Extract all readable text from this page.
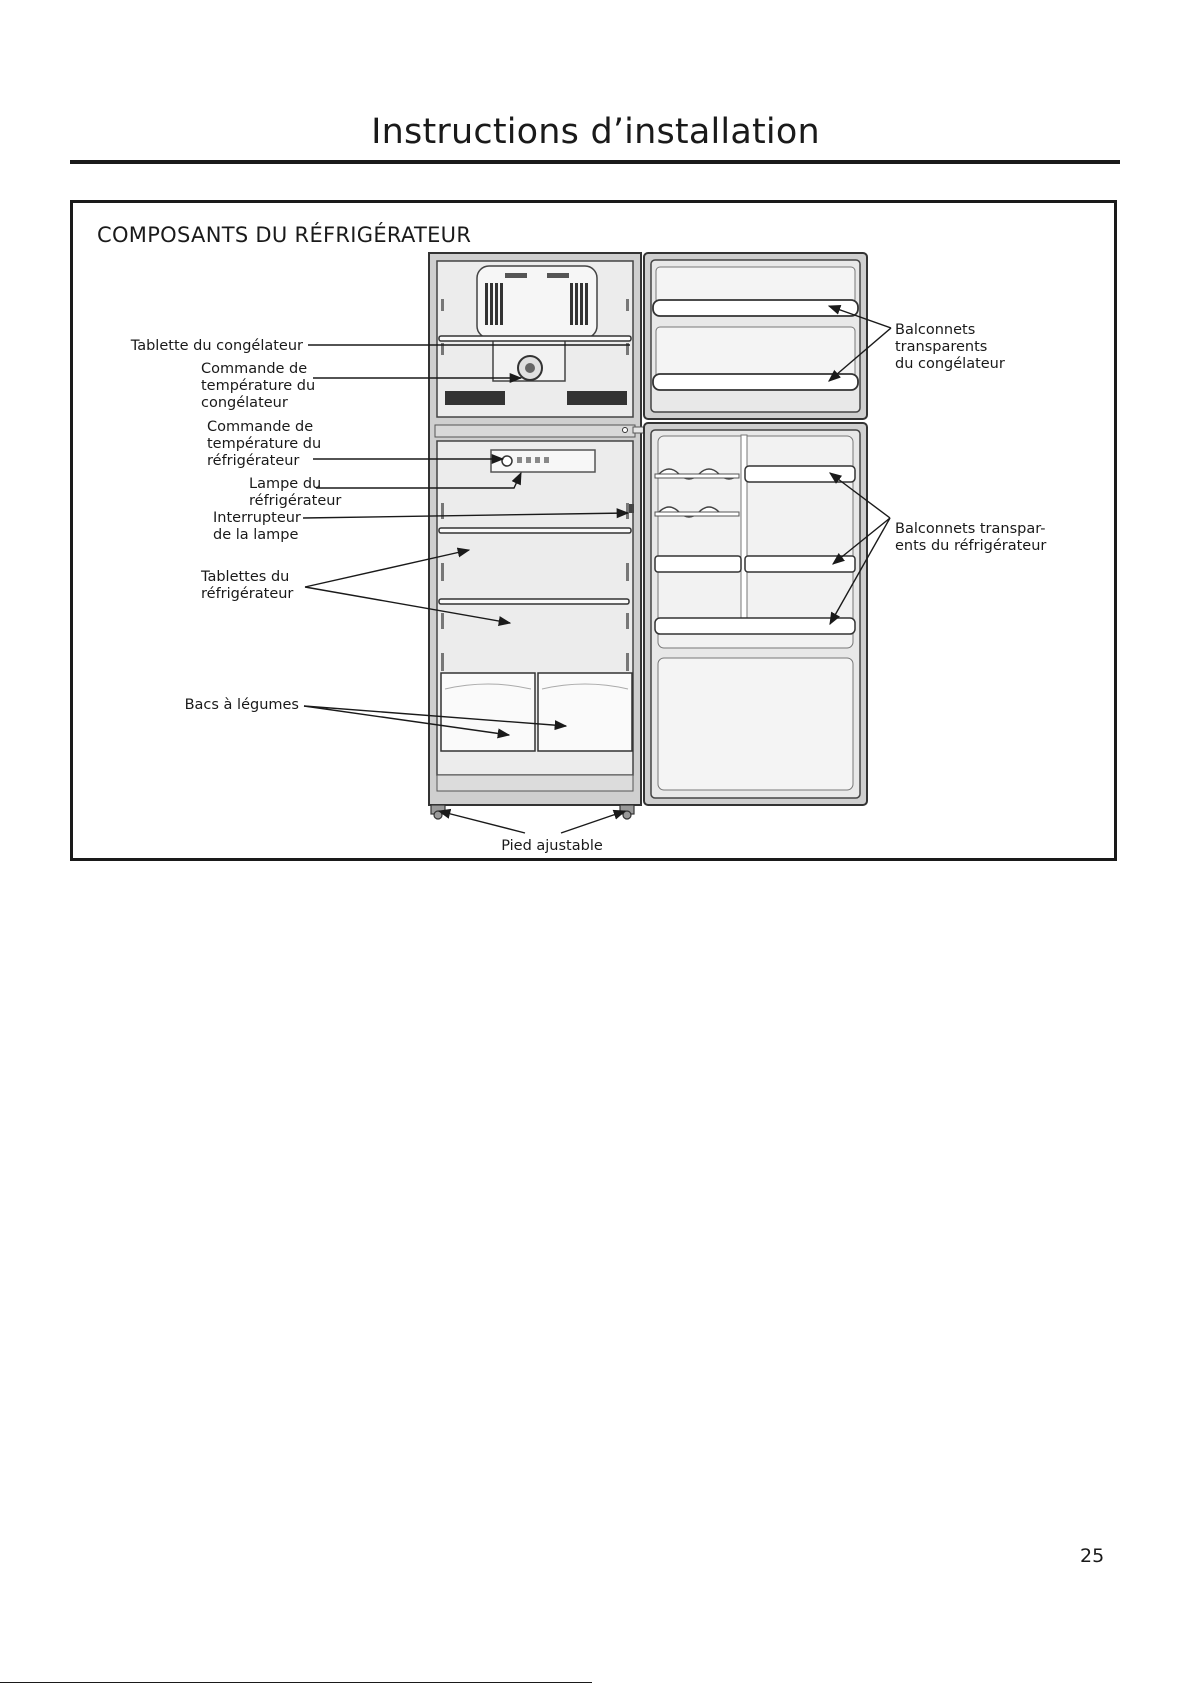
Instructions d’installation
COMPOSANTS DU RÉFRIGÉRATEUR
Tablette du congélateur
Commande de température du congélateur
Commande de température du réfrigérateur
Lampe du réfrigérateur
Interrupteur de la lampe
Tablettes du réfrigérateur
Bacs à légumes
Pied ajustable
Balconnets transparents du congélateur
Balconnets transpar- ents du réfrigérateur
25
